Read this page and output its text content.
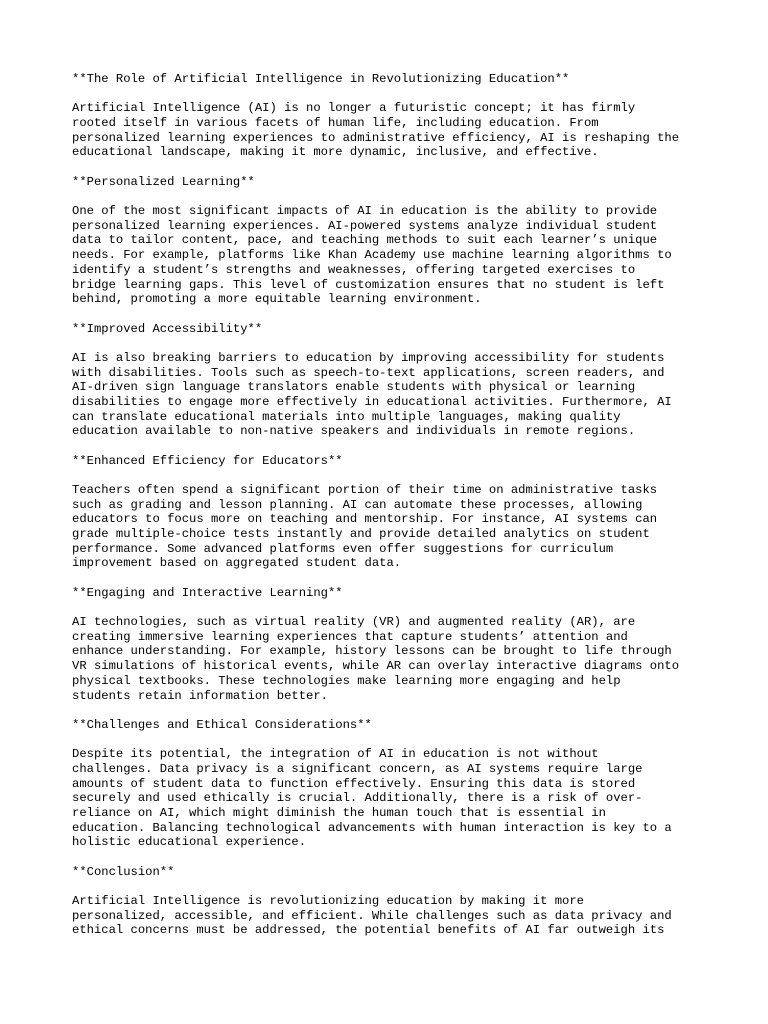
**The Role of Artificial Intelligence in Revolutionizing Education**
Artificial Intelligence (AI) is no longer a futuristic concept; it has firmly
rooted itself in various facets of human life, including education. From
personalized learning experiences to administrative efficiency, AI is reshaping the
educational landscape, making it more dynamic, inclusive, and effective.
**Personalized Learning**
One of the most significant impacts of AI in education is the ability to provide
personalized learning experiences. AI-powered systems analyze individual student
data to tailor content, pace, and teaching methods to suit each learner’s unique
needs. For example, platforms like Khan Academy use machine learning algorithms to
identify a student’s strengths and weaknesses, offering targeted exercises to
bridge learning gaps. This level of customization ensures that no student is left
behind, promoting a more equitable learning environment.
**Improved Accessibility**
AI is also breaking barriers to education by improving accessibility for students
with disabilities. Tools such as speech-to-text applications, screen readers, and
AI-driven sign language translators enable students with physical or learning
disabilities to engage more effectively in educational activities. Furthermore, AI
can translate educational materials into multiple languages, making quality
education available to non-native speakers and individuals in remote regions.
**Enhanced Efficiency for Educators**
Teachers often spend a significant portion of their time on administrative tasks
such as grading and lesson planning. AI can automate these processes, allowing
educators to focus more on teaching and mentorship. For instance, AI systems can
grade multiple-choice tests instantly and provide detailed analytics on student
performance. Some advanced platforms even offer suggestions for curriculum
improvement based on aggregated student data.
**Engaging and Interactive Learning**
AI technologies, such as virtual reality (VR) and augmented reality (AR), are
creating immersive learning experiences that capture students’ attention and
enhance understanding. For example, history lessons can be brought to life through
VR simulations of historical events, while AR can overlay interactive diagrams onto
physical textbooks. These technologies make learning more engaging and help
students retain information better.
**Challenges and Ethical Considerations**
Despite its potential, the integration of AI in education is not without
challenges. Data privacy is a significant concern, as AI systems require large
amounts of student data to function effectively. Ensuring this data is stored
securely and used ethically is crucial. Additionally, there is a risk of over-
reliance on AI, which might diminish the human touch that is essential in
education. Balancing technological advancements with human interaction is key to a
holistic educational experience.
**Conclusion**
Artificial Intelligence is revolutionizing education by making it more
personalized, accessible, and efficient. While challenges such as data privacy and
ethical concerns must be addressed, the potential benefits of AI far outweigh its
